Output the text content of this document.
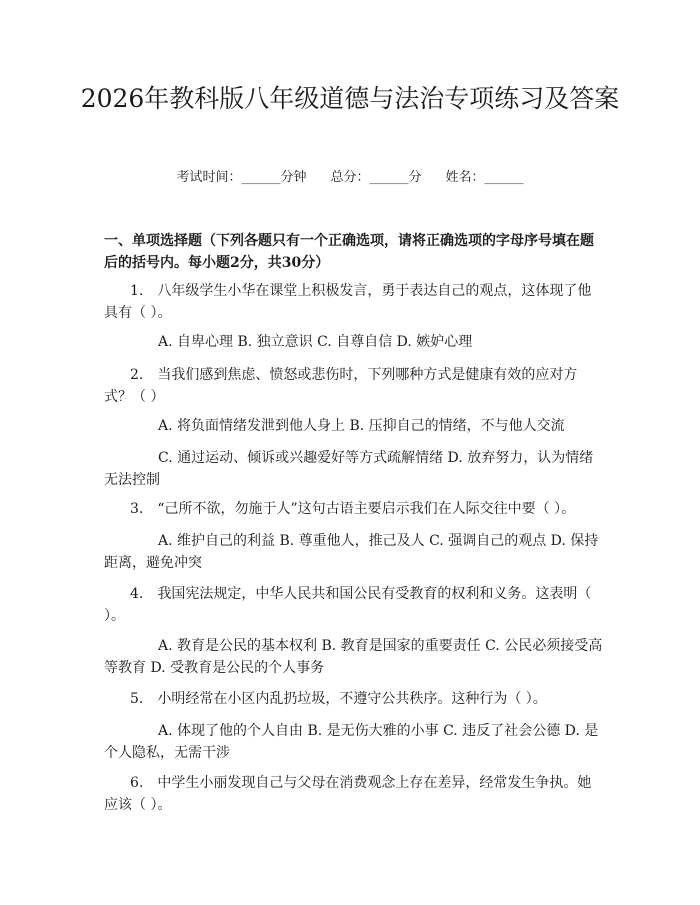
2026年教科版八年级道德与法治专项练习及答案
考试时间：______分钟 总分：______分 姓名：______

一、单项选择题（下列各题只有一个正确选项，请将正确选项的字母序号填在题后的括号内。每小题2分，共30分）

1. 八年级学生小华在课堂上积极发言，勇于表达自己的观点，这体现了他具有（ ）。

A. 自卑心理 B. 独立意识 C. 自尊自信 D. 嫉妒心理

2. 当我们感到焦虑、愤怒或悲伤时，下列哪种方式是健康有效的应对方式？（ ）

A. 将负面情绪发泄到他人身上 B. 压抑自己的情绪，不与他人交流

C. 通过运动、倾诉或兴趣爱好等方式疏解情绪 D. 放弃努力，认为情绪无法控制

3. “己所不欲，勿施于人”这句古语主要启示我们在人际交往中要（ ）。

A. 维护自己的利益 B. 尊重他人，推己及人 C. 强调自己的观点 D. 保持距离，避免冲突

4. 我国宪法规定，中华人民共和国公民有受教育的权利和义务。这表明（ ）。

A. 教育是公民的基本权利 B. 教育是国家的重要责任 C. 公民必须接受高等教育 D. 受教育是公民的个人事务

5. 小明经常在小区内乱扔垃圾，不遵守公共秩序。这种行为（ ）。

A. 体现了他的个人自由 B. 是无伤大雅的小事 C. 违反了社会公德 D. 是个人隐私，无需干涉

6. 中学生小丽发现自己与父母在消费观念上存在差异，经常发生争执。她应该（ ）。
